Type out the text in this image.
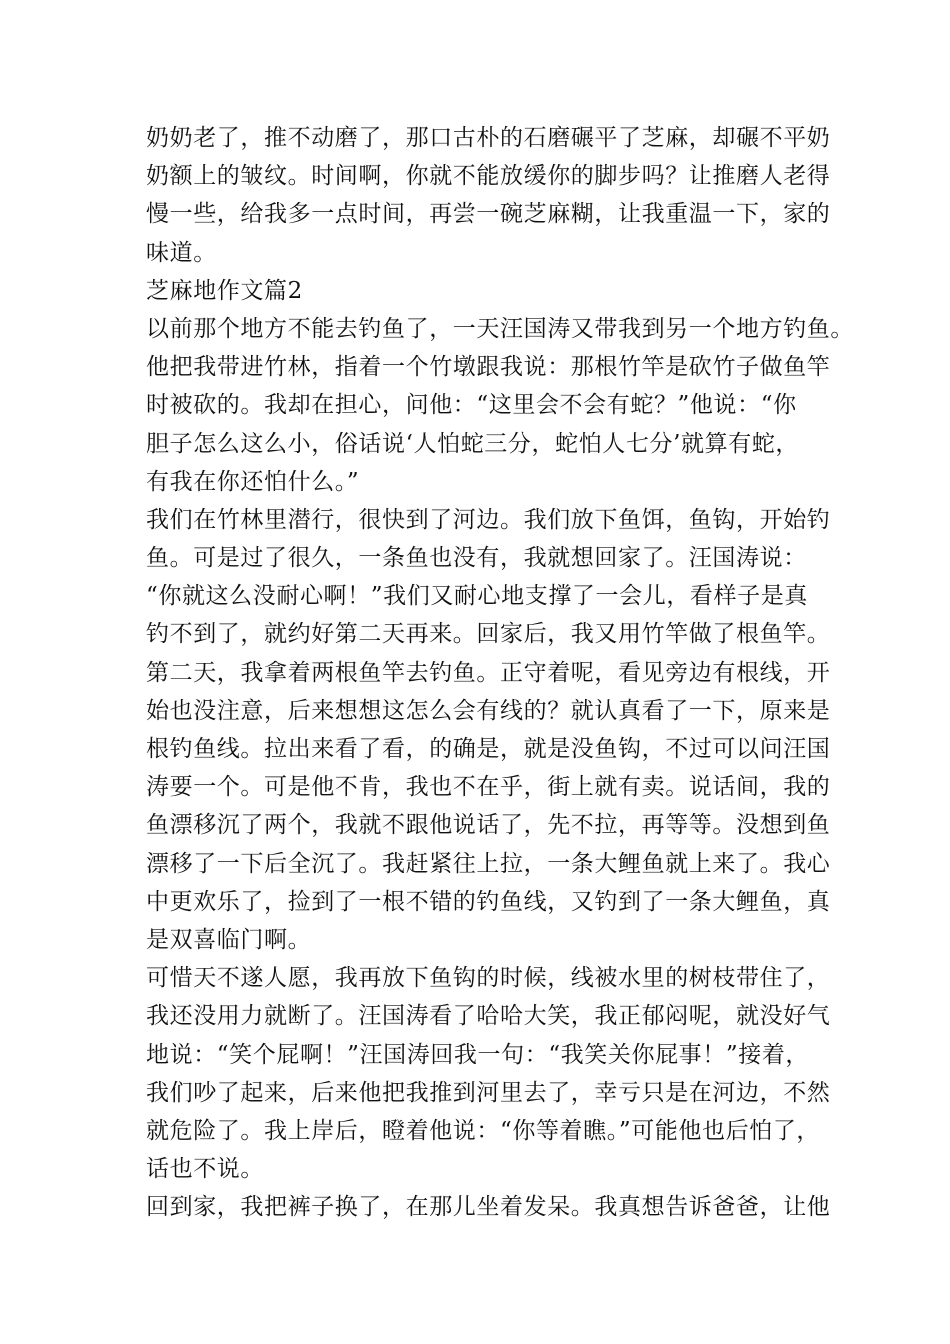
奶奶老了，推不动磨了，那口古朴的石磨碾平了芝麻，却碾不平奶
奶额上的皱纹。时间啊，你就不能放缓你的脚步吗？让推磨人老得
慢一些，给我多一点时间，再尝一碗芝麻糊，让我重温一下，家的
味道。
芝麻地作文篇2
以前那个地方不能去钓鱼了，一天汪国涛又带我到另一个地方钓鱼。
他把我带进竹林，指着一个竹墩跟我说：那根竹竿是砍竹子做鱼竿
时被砍的。我却在担心，问他：“这里会不会有蛇？”他说：“你
胆子怎么这么小，俗话说‘人怕蛇三分，蛇怕人七分’就算有蛇，
有我在你还怕什么。”
我们在竹林里潜行，很快到了河边。我们放下鱼饵，鱼钩，开始钓
鱼。可是过了很久，一条鱼也没有，我就想回家了。汪国涛说：
“你就这么没耐心啊！”我们又耐心地支撑了一会儿，看样子是真
钓不到了，就约好第二天再来。回家后，我又用竹竿做了根鱼竿。
第二天，我拿着两根鱼竿去钓鱼。正守着呢，看见旁边有根线，开
始也没注意，后来想想这怎么会有线的？就认真看了一下，原来是
根钓鱼线。拉出来看了看，的确是，就是没鱼钩，不过可以问汪国
涛要一个。可是他不肯，我也不在乎，街上就有卖。说话间，我的
鱼漂移沉了两个，我就不跟他说话了，先不拉，再等等。没想到鱼
漂移了一下后全沉了。我赶紧往上拉，一条大鲤鱼就上来了。我心
中更欢乐了，捡到了一根不错的钓鱼线，又钓到了一条大鲤鱼，真
是双喜临门啊。
可惜天不遂人愿，我再放下鱼钩的时候，线被水里的树枝带住了，
我还没用力就断了。汪国涛看了哈哈大笑，我正郁闷呢，就没好气
地说：“笑个屁啊！”汪国涛回我一句：“我笑关你屁事！”接着，
我们吵了起来，后来他把我推到河里去了，幸亏只是在河边，不然
就危险了。我上岸后，瞪着他说：“你等着瞧。”可能他也后怕了，
话也不说。
回到家，我把裤子换了，在那儿坐着发呆。我真想告诉爸爸，让他
